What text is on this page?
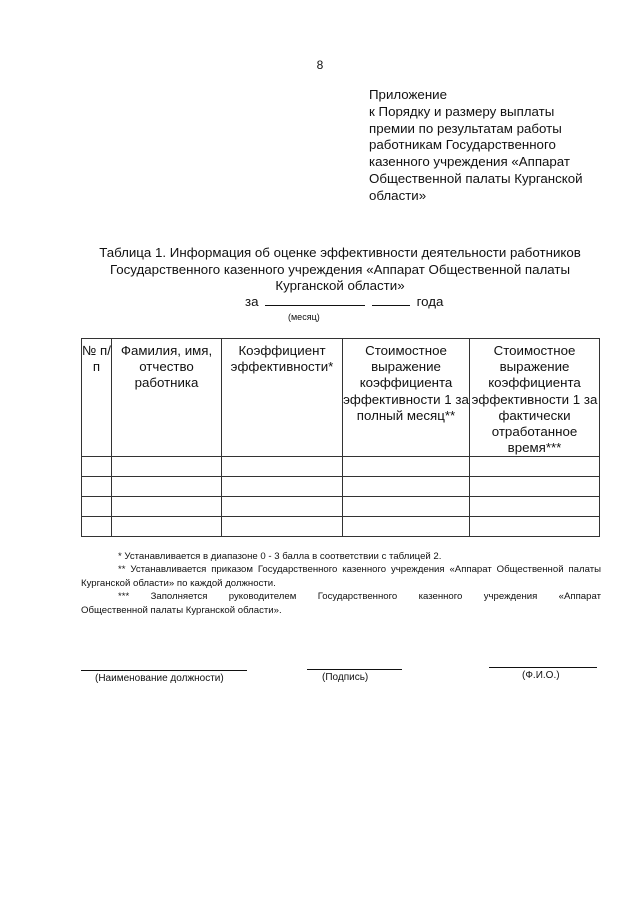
8
Приложение
к Порядку и размеру выплаты
премии по результатам работы
работникам Государственного
казенного учреждения «Аппарат
Общественной палаты Курганской
области»
Таблица 1. Информация об оценке эффективности деятельности работников
Государственного казенного учреждения «Аппарат Общественной палаты
Курганской области»
за	года
(месяц)
№ п/п	Фамилия, имя, отчество работника	Коэффициент эффективности*	Стоимостное выражение коэффициента эффективности 1 за полный месяц**	Стоимостное выражение коэффициента эффективности 1 за фактически отработанное время***

* Устанавливается в диапазоне 0 - 3 балла в соответствии с таблицей 2.
** Устанавливается приказом Государственного казенного учреждения «Аппарат Общественной палаты Курганской области» по каждой должности.
*** Заполняется руководителем Государственного казенного учреждения «Аппарат
Общественной палаты Курганской области».
(Наименование должности)	(Подпись)	(Ф.И.О.)
